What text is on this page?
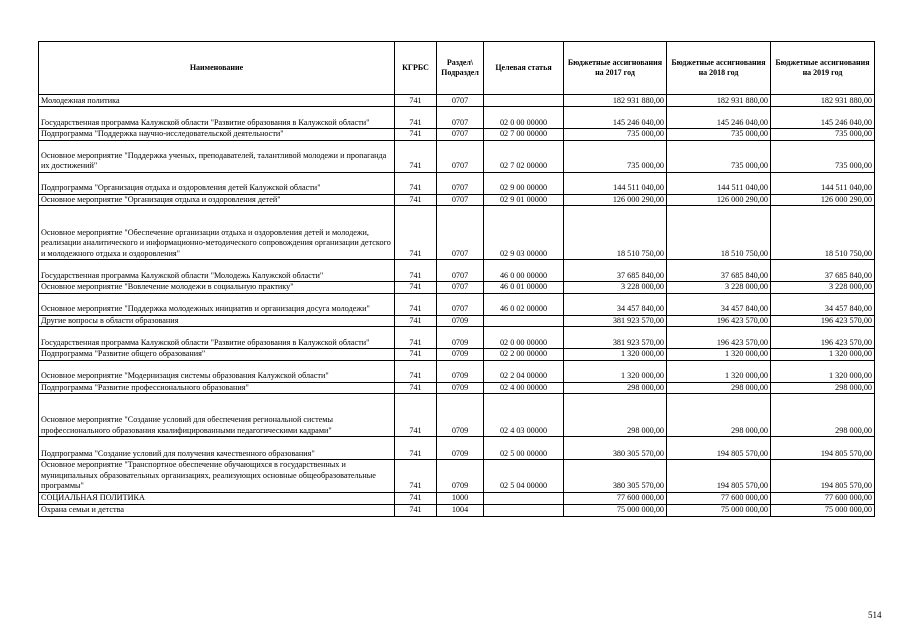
Наименование	КГРБС	Раздел\ Подраздел	Целевая статья	Бюджетные ассигнования на 2017 год	Бюджетные ассигнования на 2018 год	Бюджетные ассигнования на 2019 год
Молодежная политика	741	0707		182 931 880,00	182 931 880,00	182 931 880,00
Государственная программа Калужской области "Развитие образования в Калужской области"	741	0707	02 0 00 00000	145 246 040,00	145 246 040,00	145 246 040,00
Подпрограмма "Поддержка научно-исследовательской деятельности"	741	0707	02 7 00 00000	735 000,00	735 000,00	735 000,00
Основное мероприятие "Поддержка ученых, преподавателей, талантливой молодежи и пропаганда их достижений"	741	0707	02 7 02 00000	735 000,00	735 000,00	735 000,00
Подпрограмма "Организация отдыха и оздоровления детей Калужской области"	741	0707	02 9 00 00000	144 511 040,00	144 511 040,00	144 511 040,00
Основное мероприятие "Организация отдыха и оздоровления детей"	741	0707	02 9 01 00000	126 000 290,00	126 000 290,00	126 000 290,00
Основное мероприятие "Обеспечение организации отдыха и оздоровления детей и молодежи, реализации аналитического и информационно-методического сопровождения организации детского и молодежного отдыха и оздоровления"	741	0707	02 9 03 00000	18 510 750,00	18 510 750,00	18 510 750,00
Государственная программа Калужской области "Молодежь Калужской области"	741	0707	46 0 00 00000	37 685 840,00	37 685 840,00	37 685 840,00
Основное мероприятие "Вовлечение молодежи в социальную практику"	741	0707	46 0 01 00000	3 228 000,00	3 228 000,00	3 228 000,00
Основное мероприятие "Поддержка молодежных инициатив и организация досуга молодежи"	741	0707	46 0 02 00000	34 457 840,00	34 457 840,00	34 457 840,00
Другие вопросы в области образования	741	0709		381 923 570,00	196 423 570,00	196 423 570,00
Государственная программа Калужской области "Развитие образования в Калужской области"	741	0709	02 0 00 00000	381 923 570,00	196 423 570,00	196 423 570,00
Подпрограмма "Развитие общего образования"	741	0709	02 2 00 00000	1 320 000,00	1 320 000,00	1 320 000,00
Основное мероприятие "Модернизация системы образования Калужской области"	741	0709	02 2 04 00000	1 320 000,00	1 320 000,00	1 320 000,00
Подпрограмма "Развитие профессионального образования"	741	0709	02 4 00 00000	298 000,00	298 000,00	298 000,00
Основное мероприятие "Создание условий для обеспечения региональной системы профессионального образования квалифицированными педагогическими кадрами"	741	0709	02 4 03 00000	298 000,00	298 000,00	298 000,00
Подпрограмма "Создание условий для получения качественного образования"	741	0709	02 5 00 00000	380 305 570,00	194 805 570,00	194 805 570,00
Основное мероприятие "Транспортное обеспечение обучающихся в государственных и муниципальных образовательных организациях, реализующих основные общеобразовательные программы"	741	0709	02 5 04 00000	380 305 570,00	194 805 570,00	194 805 570,00
СОЦИАЛЬНАЯ ПОЛИТИКА	741	1000		77 600 000,00	77 600 000,00	77 600 000,00
Охрана семьи и детства	741	1004		75 000 000,00	75 000 000,00	75 000 000,00
514
